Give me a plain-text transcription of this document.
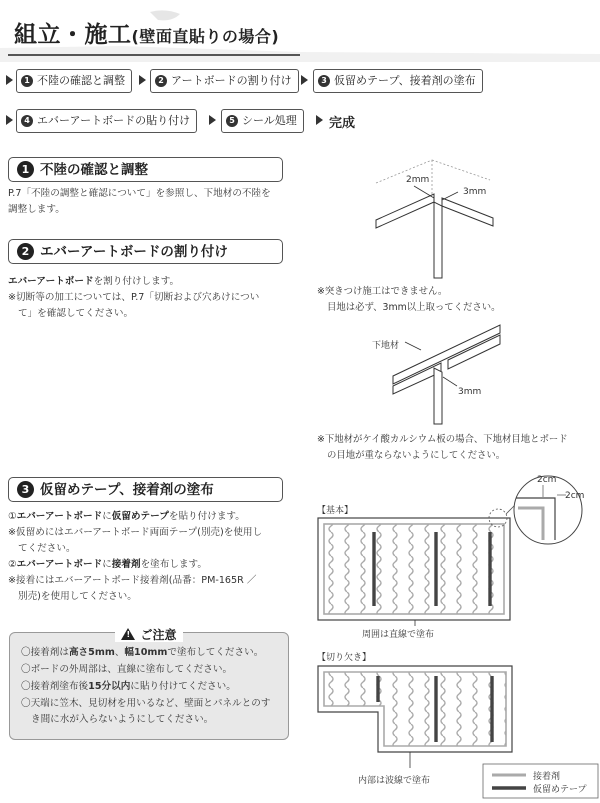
組立・施工(壁面直貼りの場合)
1 不陸の確認と調整	2 アートボードの割り付け	3 仮留めテープ、接着剤の塗布
4 エバーアートボードの貼り付け	5 シール処理	完成
1 不陸の確認と調整
P.7「不陸の調整と確認について」を参照し、下地材の不陸を
調整します。
2 エバーアートボードの割り付け
エバーアートボードを割り付けします。
※切断等の加工については、P.7「切断および穴あけについ
て」を確認してください。
2mm
3mm
※突きつけ施工はできません。
目地は必ず、3mm以上取ってください。
下地材
3mm
※下地材がケイ酸カルシウム板の場合、下地材目地とボード
の目地が重ならないようにしてください。
3 仮留めテープ、接着剤の塗布
①エバーアートボードに仮留めテープを貼り付けます。
※仮留めにはエバーアートボード両面テープ(別売)を使用し
てください。
②エバーアートボードに接着剤を塗布します。
※接着にはエバーアートボード接着剤(品番：PM-165R ／
別売)を使用してください。
!ご注意
〇接着剤は高さ5mm、幅10mmで塗布してください。
〇ボードの外周部は、直線に塗布してください。
〇接着剤塗布後15分以内に貼り付けてください。
〇天端に笠木、見切材を用いるなど、壁面とパネルとのす
き間に水が入らないようにしてください。
【基本】
2cm
2cm
周囲は直線で塗布
【切り欠き】
内部は波線で塗布	接着剤
仮留めテープ
